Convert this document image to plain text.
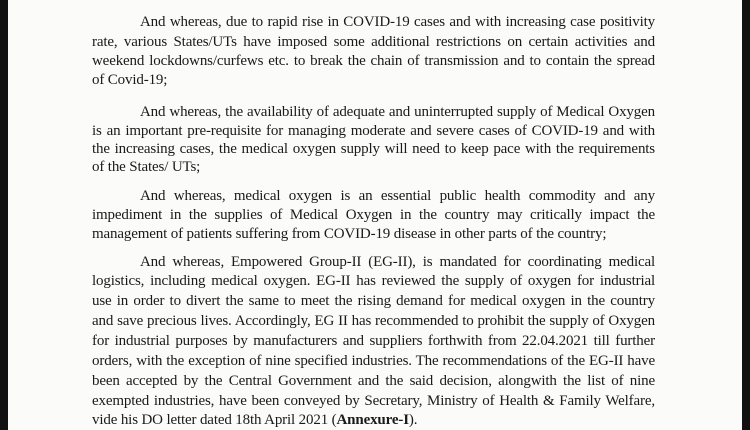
And whereas, due to rapid rise in COVID-19 cases and with increasing case positivity
rate, various States/UTs have imposed some additional restrictions on certain activities and
weekend lockdowns/curfews etc. to break the chain of transmission and to contain the spread
of Covid-19;
And whereas, the availability of adequate and uninterrupted supply of Medical Oxygen
is an important pre-requisite for managing moderate and severe cases of COVID-19 and with
the increasing cases, the medical oxygen supply will need to keep pace with the requirements
of the States/ UTs;
And whereas, medical oxygen is an essential public health commodity and any
impediment in the supplies of Medical Oxygen in the country may critically impact the
management of patients suffering from COVID-19 disease in other parts of the country;
And whereas, Empowered Group-II (EG-II), is mandated for coordinating medical
logistics, including medical oxygen. EG-II has reviewed the supply of oxygen for industrial
use in order to divert the same to meet the rising demand for medical oxygen in the country
and save precious lives. Accordingly, EG II has recommended to prohibit the supply of Oxygen
for industrial purposes by manufacturers and suppliers forthwith from 22.04.2021 till further
orders, with the exception of nine specified industries. The recommendations of the EG-II have
been accepted by the Central Government and the said decision, alongwith the list of nine
exempted industries, have been conveyed by Secretary, Ministry of Health & Family Welfare,
vide his DO letter dated 18th April 2021 (Annexure-I).
